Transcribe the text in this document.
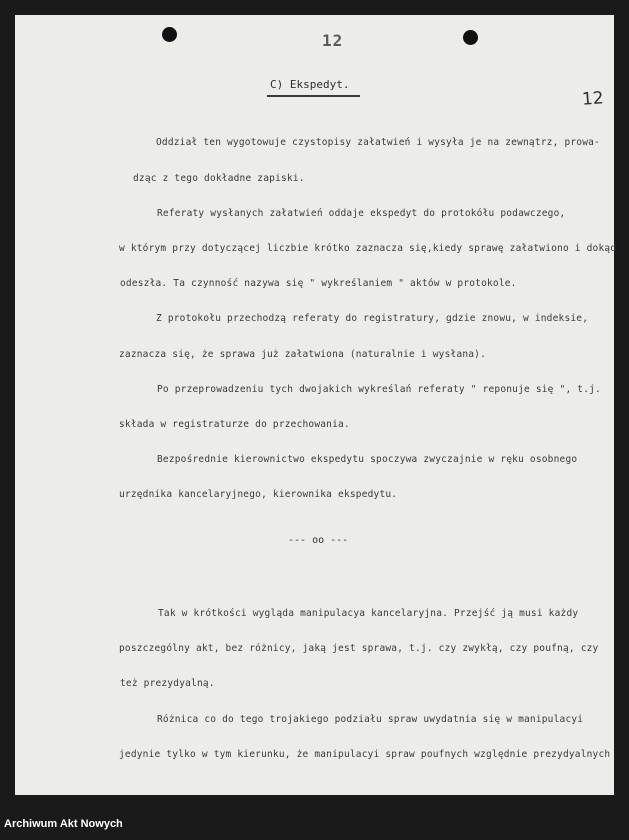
12
12
C) Ekspedyt.
Oddział ten wygotowuje czystopisy załatwień i wysyła je na zewnątrz, prowa-
dząc z tego dokładne zapiski.
Referaty wysłanych załatwień oddaje ekspedyt do protokółu podawczego,
w którym przy dotyczącej liczbie krótko zaznacza się,kiedy sprawę załatwiono i dokąd
odeszła. Ta czynność nazywa się " wykreślaniem " aktów w protokole.
Z protokołu przechodzą referaty do registratury, gdzie znowu, w indeksie,
zaznacza się, że sprawa już załatwiona (naturalnie i wysłana).
Po przeprowadzeniu tych dwojakich wykreślań referaty " reponuje się ", t.j.
składa w registraturze do przechowania.
Bezpośrednie kierownictwo ekspedytu spoczywa zwyczajnie w ręku osobnego
urzędnika kancelaryjnego, kierownika ekspedytu.
--- oo ---
Tak w krótkości wygląda manipulacya kancelaryjna. Przejść ją musi każdy
poszczególny akt, bez różnicy, jaką jest sprawa, t.j. czy zwykłą, czy poufną, czy
też prezydyalną.
Różnica co do tego trojakiego podziału spraw uwydatnia się w manipulacyi
jedynie tylko w tym kierunku, że manipulacyi spraw poufnych względnie prezydyalnych
Archiwum Akt Nowych
